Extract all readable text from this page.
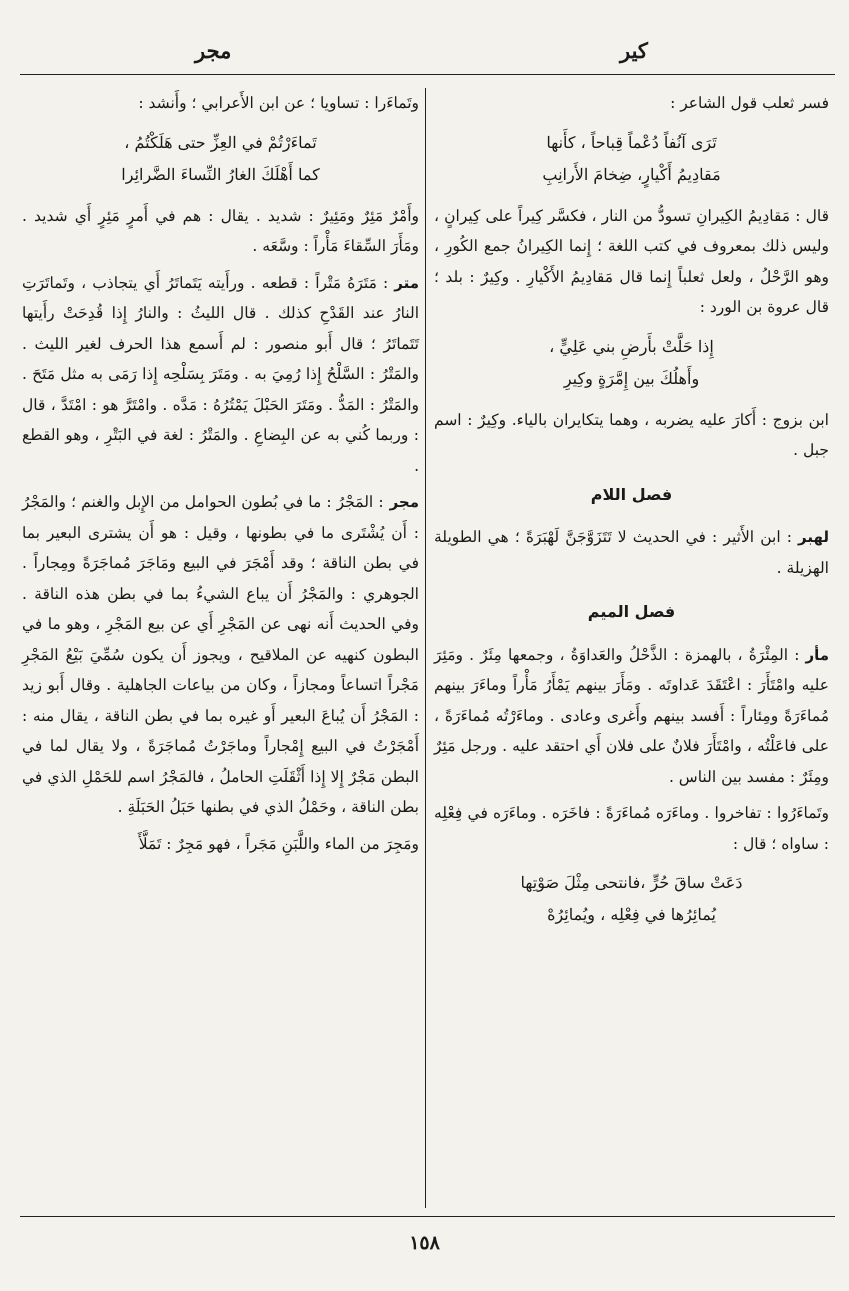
كير
مجر

فسر ثعلب قول الشاعر :

تَرَى آنُفاً دُعْماً قِباحاً ، كأَنها
مَقادِيمُ أَكْيارٍ، ضِخامَ الأَرانِبِ

قال : مَقادِيمُ الكِيرانِ تسودُّ من النار ، فكسَّر كِيراً على كِيرانٍ ، وليس ذلك بمعروف في كتب اللغة ؛ إِنما الكِيرانُ جمع الكُورِ ، وهو الرَّحْلُ ، ولعل ثعلباً إِنما قال مَقادِيمُ الأَكْيارِ . وكِيرٌ : بلد ؛ قال عروة بن الورد :

إِذا حَلَّتْ بأَرضِ بني عَلِيٍّ ،
وأَهلُكَ بين إِمَّرَةٍ وكِيرِ

ابن بزوج : أَكارَ عليه يضربه ، وهما يتكايران بالياء. وكِيرٌ : اسم جبل .

فصل اللام

لهبر: ابن الأَثير : في الحديث لا تَتَزَوَّجَنَّ لَهْبَرَةً ؛ هي الطويلة الهزيلة .

فصل الميم

مأر: المِئْرَةُ ، بالهمزة : الذَّحْلُ والعَداوَةُ ، وجمعها مِئَرٌ . ومَئِرَ عليه وامْتَأَرَ : اعْتَقَدَ عَداوتَه . ومَأَرَ بينهم يَمْأَرُ مَأْراً وماءَرَ بينهم مُماءَرَةً ومِئاراً : أَفسد بينهم وأَغرى وعادى . وماءَرْتُه مُماءَرَةً ، على فاعَلْتُه ، وامْتَأَرَ فلانٌ على فلان أَي احتقد عليه . ورجل مَئِرٌ ومِئَرٌ : مفسد بين الناس .

وتَماءَرُوا : تفاخروا . وماءَرَه مُماءَرَةً : فاخَرَه . وماءَرَه في فِعْلِه : ساواه ؛ قال :

دَعَتْ ساقَ حُرٍّ ،فانتحى مِثْلَ صَوْتِها
يُمائِرُها في فِعْلِه ، ويُمائِرُهْ

وتَماءَرا : تساويا ؛ عن ابن الأَعرابي ؛ وأَنشد :

تَماءَرْتُمْ في العِزِّ حتى هَلَكْتُمُ ،
كما أَهْلَكَ الغارُ النِّساءَ الضَّرائِرا

وأَمْرٌ مَئِرٌ ومَئِيرٌ : شديد . يقال : هم في أَمرٍ مَئِرٍ أَي شديد . ومَأَرَ السِّقاءَ مَأْراً : وسَّعَه .

متر: مَتَرَهُ مَتْراً : قطعه . ورأَيته يَتَماتَرُ أَي يتجاذب ، وتَماتَرَتِ النارُ عند القَدْحِ كذلك . قال الليثُ : والنارُ إِذا قُدِحَتْ رأَيتها تَتَماتَرُ ؛ قال أَبو منصور : لم أَسمع هذا الحرف لغير الليث . والمَتْرُ : السَّلْحُ إِذا رُمِيَ به . ومَتَرَ بِسَلْحِه إِذا رَمَى به مثل مَتَحَ . والمَتْرُ : المَدُّ . ومَتَرَ الحَبْلَ يَمْتُرُهُ : مَدَّه . وامْتَرَّ هو : امْتَدَّ ، قال : وربما كُني به عن البِضاعِ . والمَتْرُ : لغة في البَتْرِ ، وهو القطع .

مجر: المَجْرُ : ما في بُطون الحوامل من الإِبل والغنم ؛ والمَجْرُ : أَن يُشْتَرى ما في بطونها ، وقيل : هو أَن يشترى البعير بما في بطن الناقة ؛ وقد أَمْجَرَ في البيع ومَاجَرَ مُماجَرَةً ومِجاراً . الجوهري : والمَجْرُ أَن يباع الشيءُ بما في بطن هذه الناقة . وفي الحديث أَنه نهى عن المَجْرِ أَي عن بيع المَجْرِ ، وهو ما في البطون كنهيه عن الملاقيح ، ويجوز أَن يكون سُمِّيَ بَيْعُ المَجْرِ مَجْراً اتساعاً ومجازاً ، وكان من بياعات الجاهلية . وقال أَبو زيد : المَجْرُ أَن يُباعَ البعير أَو غيره بما في بطن الناقة ، يقال منه : أَمْجَرْتُ في البيع إِمْجاراً وماجَرْتُ مُماجَرَةً ، ولا يقال لما في البطن مَجْرٌ إِلا إِذا أَثْقَلَتِ الحاملُ ، فالمَجْرُ اسم للحَمْلِ الذي في بطن الناقة ، وحَمْلُ الذي في بطنها حَبَلُ الحَبَلَةِ .

ومَجِرَ من الماء واللَّبَنِ مَجَراً ، فهو مَجِرٌ : تَمَلَّأَ

١٥٨
